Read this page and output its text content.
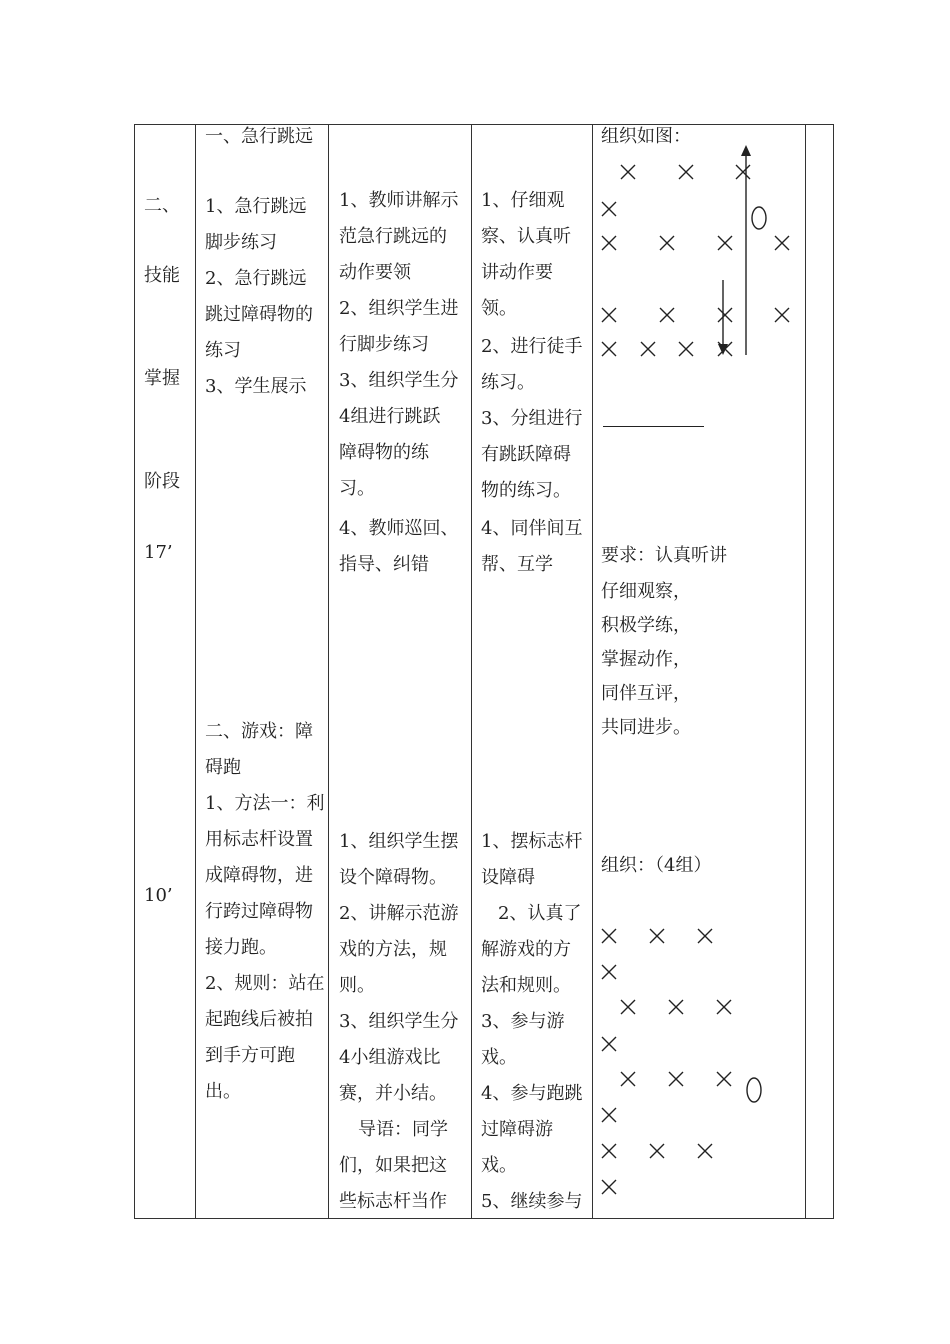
二、
技能
掌握
阶段
17’
10’
一、急行跳远
1、急行跳远
脚步练习
2、急行跳远
跳过障碍物的
练习
3、学生展示
二、游戏：障
碍跑
1、方法一：利
用标志杆设置
成障碍物，进
行跨过障碍物
接力跑。
2、规则：站在
起跑线后被拍
到手方可跑
出。
1、教师讲解示
范急行跳远的
动作要领
2、组织学生进
行脚步练习
3、组织学生分
4组进行跳跃
障碍物的练
习。
4、教师巡回、
指导、纠错
1、组织学生摆
设个障碍物。
2、讲解示范游
戏的方法，规
则。
3、组织学生分
4小组游戏比
赛，并小结。
导语：同学
们，如果把这
些标志杆当作
1、仔细观
察、认真听
讲动作要
领。
2、进行徒手
练习。
3、分组进行
有跳跃障碍
物的练习。
4、同伴间互
帮、互学
1、摆标志杆
设障碍
2、认真了
解游戏的方
法和规则。
3、参与游
戏。
4、参与跑跳
过障碍游
戏。
5、继续参与
组织如图：
要求：认真听讲
仔细观察，
积极学练，
掌握动作，
同伴互评，
共同进步。
组织：（4组）
